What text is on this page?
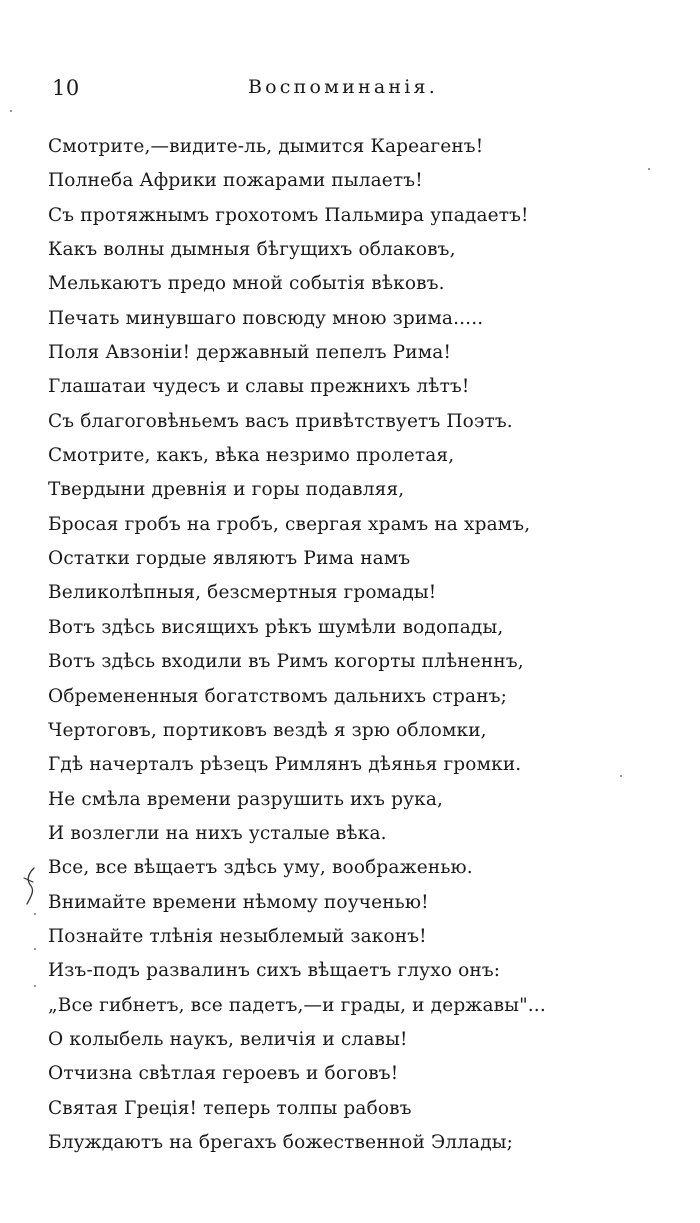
10	Воспоминанія.
Смотрите,—видите-ль, дымится Кареагенъ!
Полнеба Африки пожарами пылаетъ!
Съ протяжнымъ грохотомъ Пальмира упадаетъ!
Какъ волны дымныя бѣгущихъ облаковъ,
Мелькаютъ предо мной событія вѣковъ.
Печать минувшаго повсюду мною зрима.....
Поля Авзоніи! державный пепелъ Рима!
Глашатаи чудесъ и славы прежнихъ лѣтъ!
Съ благоговѣньемъ васъ привѣтствуетъ Поэтъ.
Смотрите, какъ, вѣка незримо пролетая,
Твердыни древнія и горы подавляя,
Бросая гробъ на гробъ, свергая храмъ на храмъ,
Остатки гордые являютъ Рима намъ
Великолѣпныя, безсмертныя громады!
Вотъ здѣсь висящихъ рѣкъ шумѣли водопады,
Вотъ здѣсь входили въ Римъ когорты плѣненнъ,
Обремененныя богатствомъ дальнихъ странъ;
Чертоговъ, портиковъ вездѣ я зрю обломки,
Гдѣ начерталъ рѣзецъ Римлянъ дѣянья громки.
Не смѣла времени разрушить ихъ рука,
И возлегли на нихъ усталые вѣка.
Все, все вѣщаетъ здѣсь уму, воображенью.
Внимайте времени нѣмому поученью!
Познайте тлѣнія незыблемый законъ!
Изъ-подъ развалинъ сихъ вѣщаетъ глухо онъ:
„Все гибнетъ, все падетъ,—и грады, и державы"...
О колыбель наукъ, величія и славы!
Отчизна свѣтлая героевъ и боговъ!
Святая Грецiя! теперь толпы рабовъ
Блуждаютъ на брегахъ божественной Эллады;
